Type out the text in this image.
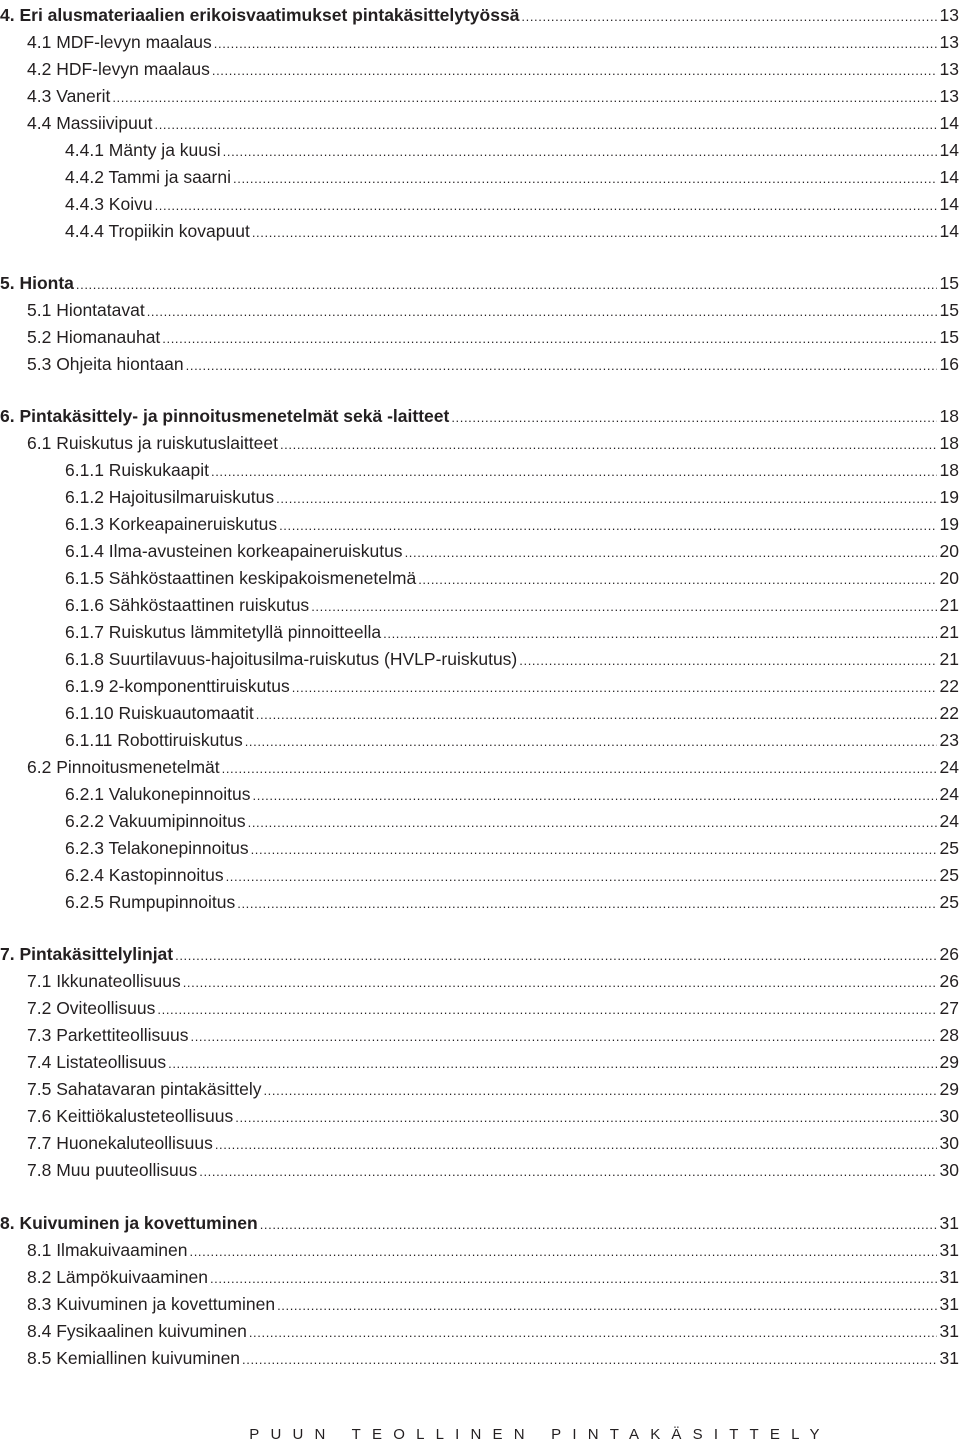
4. Eri alusmateriaalien erikoisvaatimukset pintakäsittelytyössä .....	13
4.1 MDF-levyn maalaus .....	13
4.2 HDF-levyn maalaus .....	13
4.3 Vanerit .....	13
4.4 Massiivipuut .....	14
4.4.1 Mänty ja kuusi .....	14
4.4.2 Tammi ja saarni .....	14
4.4.3 Koivu .....	14
4.4.4 Tropiikin kovapuut .....	14
5. Hionta .....	15
5.1 Hiontatavat .....	15
5.2 Hiomanauhat .....	15
5.3 Ohjeita hiontaan .....	16
6. Pintakäsittely- ja pinnoitusmenetelmät sekä -laitteet .....	18
6.1 Ruiskutus ja ruiskutuslaitteet .....	18
6.1.1 Ruiskukaapit .....	18
6.1.2 Hajoitusilmaruiskutus .....	19
6.1.3 Korkeapaineruiskutus .....	19
6.1.4 Ilma-avusteinen korkeapaineruiskutus .....	20
6.1.5 Sähköstaattinen keskipakoismenetelmä .....	20
6.1.6 Sähköstaattinen ruiskutus .....	21
6.1.7 Ruiskutus lämmitetyllä pinnoitteella .....	21
6.1.8 Suurtilavuus-hajoitusilma-ruiskutus (HVLP-ruiskutus) .....	21
6.1.9 2-komponenttiruiskutus .....	22
6.1.10 Ruiskuautomaatit .....	22
6.1.11 Robottiruiskutus .....	23
6.2 Pinnoitusmenetelmät .....	24
6.2.1 Valukonepinnoitus .....	24
6.2.2 Vakuumipinnoitus .....	24
6.2.3 Telakonepinnoitus .....	25
6.2.4 Kastopinnoitus .....	25
6.2.5 Rumpupinnoitus .....	25
7. Pintakäsittelylinjat .....	26
7.1 Ikkunateollisuus .....	26
7.2 Oviteollisuus .....	27
7.3 Parkettiteollisuus .....	28
7.4 Listateollisuus .....	29
7.5 Sahatavaran pintakäsittely .....	29
7.6 Keittiökalusteteollisuus .....	30
7.7 Huonekaluteollisuus .....	30
7.8 Muu puuteollisuus .....	30
8. Kuivuminen ja kovettuminen .....	31
8.1 Ilmakuivaaminen .....	31
8.2 Lämpökuivaaminen .....	31
8.3 Kuivuminen ja kovettuminen .....	31
8.4 Fysikaalinen kuivuminen .....	31
8.5 Kemiallinen kuivuminen .....	31
PUUN TEOLLINEN PINTAKÄSITTELY
